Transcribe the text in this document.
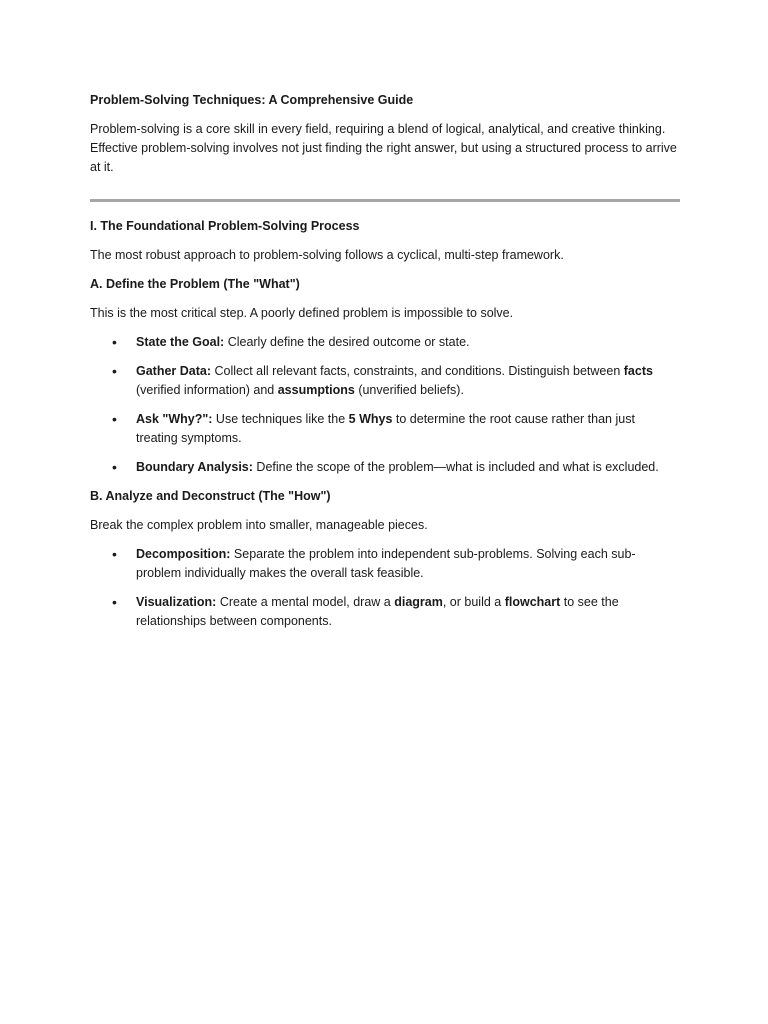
Problem-Solving Techniques: A Comprehensive Guide

Problem-solving is a core skill in every field, requiring a blend of logical, analytical, and creative thinking. Effective problem-solving involves not just finding the right answer, but using a structured process to arrive at it.

I. The Foundational Problem-Solving Process

The most robust approach to problem-solving follows a cyclical, multi-step framework.

A. Define the Problem (The "What")

This is the most critical step. A poorly defined problem is impossible to solve.

• State the Goal: Clearly define the desired outcome or state.
• Gather Data: Collect all relevant facts, constraints, and conditions. Distinguish between facts (verified information) and assumptions (unverified beliefs).
• Ask "Why?": Use techniques like the 5 Whys to determine the root cause rather than just treating symptoms.
• Boundary Analysis: Define the scope of the problem—what is included and what is excluded.

B. Analyze and Deconstruct (The "How")

Break the complex problem into smaller, manageable pieces.

• Decomposition: Separate the problem into independent sub-problems. Solving each sub-problem individually makes the overall task feasible.
• Visualization: Create a mental model, draw a diagram, or build a flowchart to see the relationships between components.
